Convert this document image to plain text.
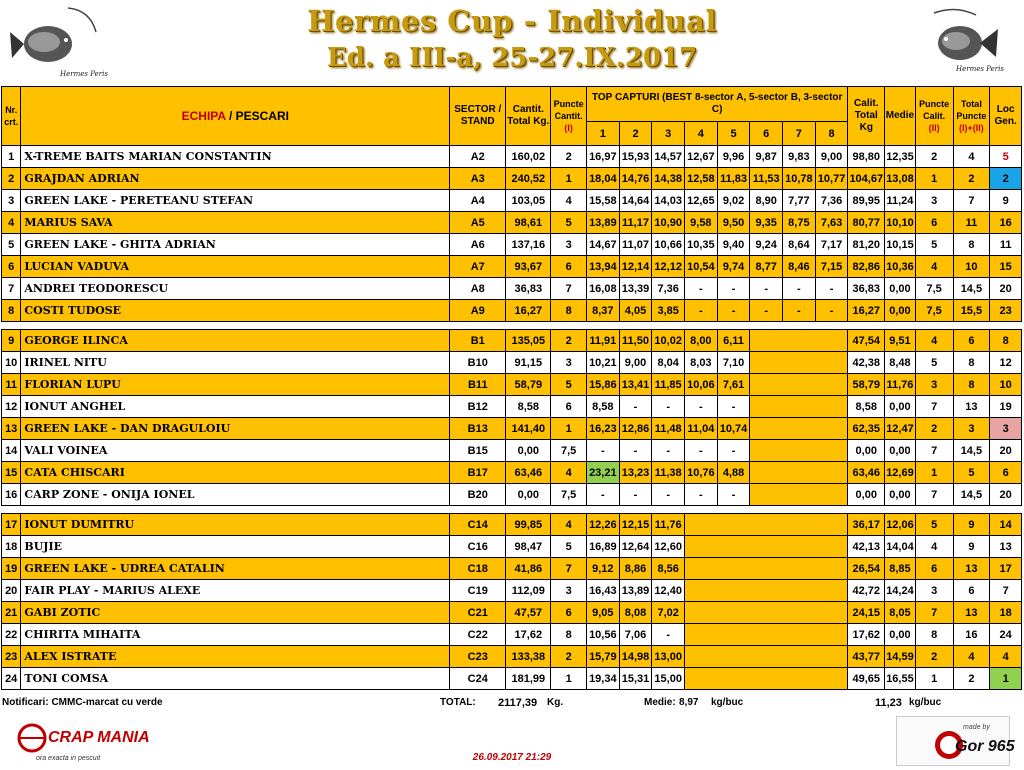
Hermes Peris
Hermes Peris
Hermes Cup - Individual
Ed. a III-a, 25-27.IX.2017
Nr. crt.	ECHIPA / PESCARI	SECTOR / STAND	Cantit. Total Kg.	Puncte Cantit.
(I)	TOP CAPTURI (BEST 8-sector A, 5-sector B, 3-sector C)								Calit. Total Kg	Medie	Puncte Calit.
(II)	Total Puncte
(I)+(II)	Loc Gen.
					1	2	3	4	5	6	7	8					
1	X-TREME BAITS MARIAN CONSTANTIN	A2	160,02	2	16,97	15,93	14,57	12,67	9,96	9,87	9,83	9,00	98,80	12,35	2	4	5
2	GRAJDAN ADRIAN	A3	240,52	1	18,04	14,76	14,38	12,58	11,83	11,53	10,78	10,77	104,67	13,08	1	2	2
3	GREEN LAKE - PERETEANU STEFAN	A4	103,05	4	15,58	14,64	14,03	12,65	9,02	8,90	7,77	7,36	89,95	11,24	3	7	9
4	MARIUS SAVA	A5	98,61	5	13,89	11,17	10,90	9,58	9,50	9,35	8,75	7,63	80,77	10,10	6	11	16
5	GREEN LAKE - GHITA ADRIAN	A6	137,16	3	14,67	11,07	10,66	10,35	9,40	9,24	8,64	7,17	81,20	10,15	5	8	11
6	LUCIAN VADUVA	A7	93,67	6	13,94	12,14	12,12	10,54	9,74	8,77	8,46	7,15	82,86	10,36	4	10	15
7	ANDREI TEODORESCU	A8	36,83	7	16,08	13,39	7,36	-	-	-	-	-	36,83	0,00	7,5	14,5	20
8	COSTI TUDOSE	A9	16,27	8	8,37	4,05	3,85	-	-	-	-	-	16,27	0,00	7,5	15,5	23

9	GEORGE ILINCA	B1	135,05	2	11,91	11,50	10,02	8,00	6,11				47,54	9,51	4	6	8
10	IRINEL NITU	B10	91,15	3	10,21	9,00	8,04	8,03	7,10				42,38	8,48	5	8	12
11	FLORIAN LUPU	B11	58,79	5	15,86	13,41	11,85	10,06	7,61				58,79	11,76	3	8	10
12	IONUT ANGHEL	B12	8,58	6	8,58	-	-	-	-				8,58	0,00	7	13	19
13	GREEN LAKE - DAN DRAGULOIU	B13	141,40	1	16,23	12,86	11,48	11,04	10,74				62,35	12,47	2	3	3
14	VALI VOINEA	B15	0,00	7,5	-	-	-	-	-				0,00	0,00	7	14,5	20
15	CATA CHISCARI	B17	63,46	4	23,21	13,23	11,38	10,76	4,88				63,46	12,69	1	5	6
16	CARP ZONE - ONIJA IONEL	B20	0,00	7,5	-	-	-	-	-				0,00	0,00	7	14,5	20

17	IONUT DUMITRU	C14	99,85	4	12,26	12,15	11,76						36,17	12,06	5	9	14
18	BUJIE	C16	98,47	5	16,89	12,64	12,60						42,13	14,04	4	9	13
19	GREEN LAKE - UDREA CATALIN	C18	41,86	7	9,12	8,86	8,56						26,54	8,85	6	13	17
20	FAIR PLAY - MARIUS ALEXE	C19	112,09	3	16,43	13,89	12,40						42,72	14,24	3	6	7
21	GABI ZOTIC	C21	47,57	6	9,05	8,08	7,02						24,15	8,05	7	13	18
22	CHIRITA MIHAITA	C22	17,62	8	10,56	7,06	-						17,62	0,00	8	16	24
23	ALEX ISTRATE	C23	133,38	2	15,79	14,98	13,00						43,77	14,59	2	4	4
24	TONI COMSA	C24	181,99	1	19,34	15,31	15,00						49,65	16,55	1	2	1
Notificari: CMMC-marcat cu verde	TOTAL: 2117,39 Kg.	Medie: 8,97 kg/buc	11,23 kg/buc
CRAP MANIA
ora exacta in pescuit
made by
Gor 965
26.09.2017 21:29
